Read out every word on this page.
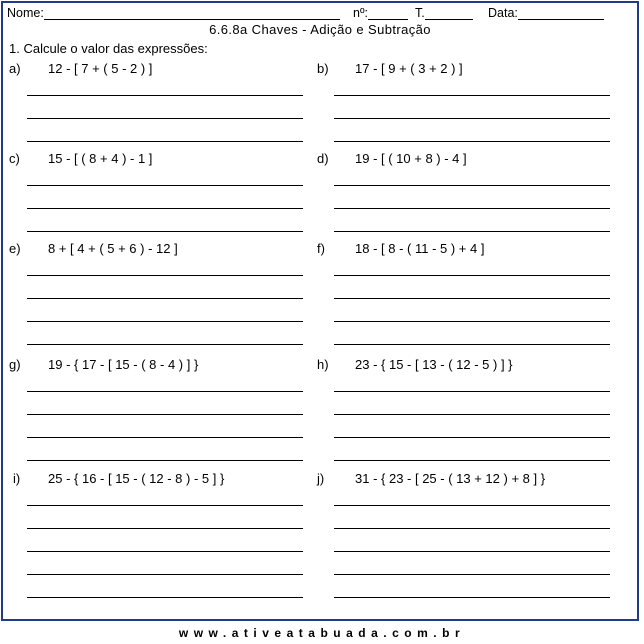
Nome:	nº:	T.	Data:
6.6.8a Chaves - Adição e Subtração
1. Calcule o valor das expressões:
a) 12 - [ 7 + ( 5 - 2 ) ]	b) 17 - [ 9 + ( 3 + 2 ) ]
c) 15 - [ ( 8 + 4 ) - 1 ]	d) 19 - [ ( 10 + 8 ) - 4 ]
e) 8 + [ 4 + ( 5 + 6 ) - 12 ]	f) 18 - [ 8 - ( 11 - 5 ) + 4 ]
g) 19 - { 17 - [ 15 - ( 8 - 4 ) ] }	h) 23 - { 15 - [ 13 - ( 12 - 5 ) ] }
i) 25 - { 16 - [ 15 - ( 12 - 8 ) - 5 ] }	j) 31 - { 23 - [ 25 - ( 13 + 12 ) + 8 ] }
www.ativeatabuada.com.br
